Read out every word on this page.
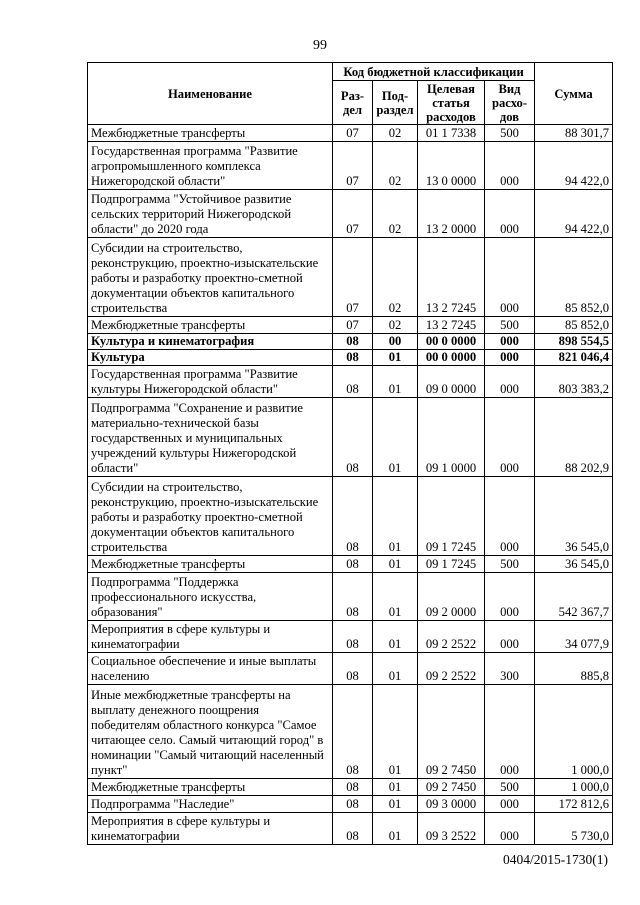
99
Наименование	Код бюджетной классификации				Сумма
	Раз-дел	Под-раздел	Целевая статья расходов	Вид расхо-дов	
Межбюджетные трансферты	07	02	01 1 7338	500	88 301,7
Государственная программа "Развитие агропромышленного комплекса Нижегородской области"	07	02	13 0 0000	000	94 422,0
Подпрограмма "Устойчивое развитие сельских территорий Нижегородской области" до 2020 года	07	02	13 2 0000	000	94 422,0
Субсидии на строительство, реконструкцию, проектно-изыскательские работы и разработку проектно-сметной документации объектов капитального строительства	07	02	13 2 7245	000	85 852,0
Межбюджетные трансферты	07	02	13 2 7245	500	85 852,0
Культура и кинематография	08	00	00 0 0000	000	898 554,5
Культура	08	01	00 0 0000	000	821 046,4
Государственная программа "Развитие культуры Нижегородской области"	08	01	09 0 0000	000	803 383,2
Подпрограмма "Сохранение и развитие материально-технической базы государственных и муниципальных учреждений культуры Нижегородской области"	08	01	09 1 0000	000	88 202,9
Субсидии на строительство, реконструкцию, проектно-изыскательские работы и разработку проектно-сметной документации объектов капитального строительства	08	01	09 1 7245	000	36 545,0
Межбюджетные трансферты	08	01	09 1 7245	500	36 545,0
Подпрограмма "Поддержка профессионального искусства, образования"	08	01	09 2 0000	000	542 367,7
Мероприятия в сфере культуры и кинематографии	08	01	09 2 2522	000	34 077,9
Социальное обеспечение и иные выплаты населению	08	01	09 2 2522	300	885,8
Иные межбюджетные трансферты на выплату денежного поощрения победителям областного конкурса "Самое читающее село. Самый читающий город" в номинации "Самый читающий населенный пункт"	08	01	09 2 7450	000	1 000,0
Межбюджетные трансферты	08	01	09 2 7450	500	1 000,0
Подпрограмма "Наследие"	08	01	09 3 0000	000	172 812,6
Мероприятия в сфере культуры и кинематографии	08	01	09 3 2522	000	5 730,0
0404/2015-1730(1)
